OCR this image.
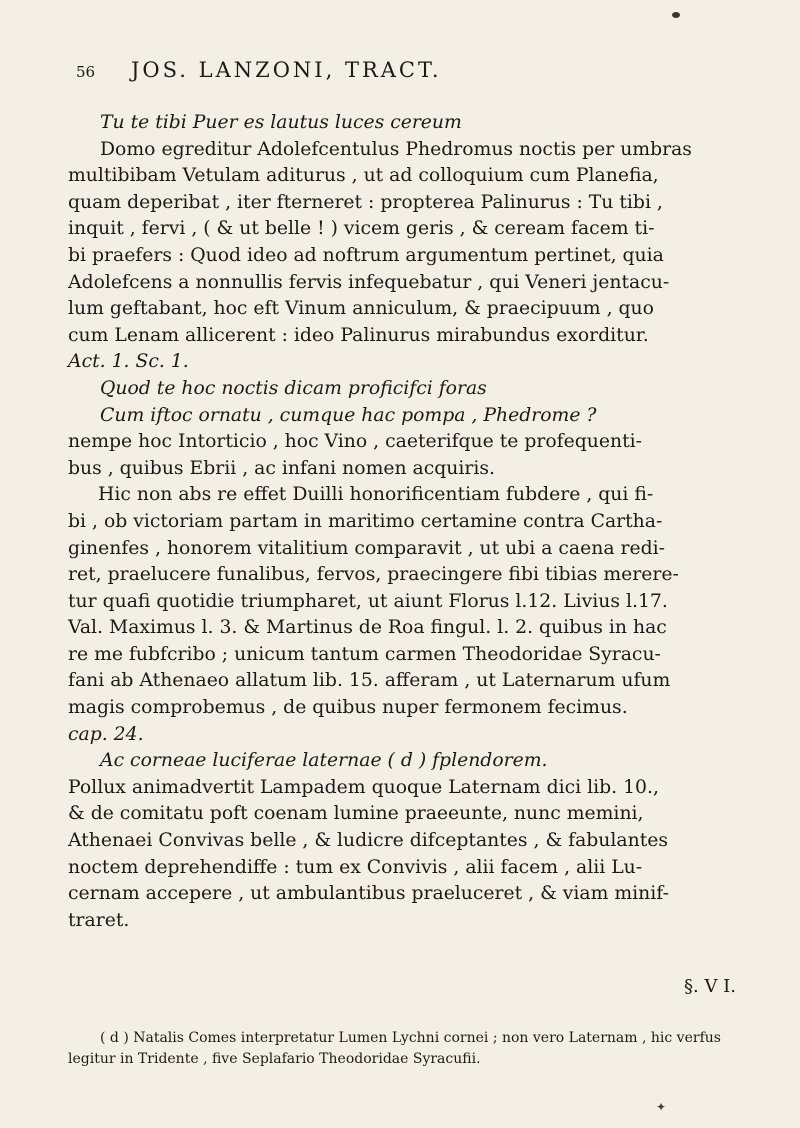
56	JOS. LANZONI, TRACT.
Tu te tibi Puer es lautus luces cereum
Domo egreditur Adolefcentulus Phedromus noctis per umbras
multibibam Vetulam aditurus , ut ad colloquium cum Planefia,
quam deperibat , iter fterneret : propterea Palinurus : Tu tibi ,
inquit , fervi , ( & ut belle ! ) vicem geris , & ceream facem ti-
bi praefers : Quod ideo ad noftrum argumentum pertinet, quia
Adolefcens a nonnullis fervis infequebatur , qui Veneri jentacu-
lum geftabant, hoc eft Vinum anniculum, & praecipuum , quo
cum Lenam allicerent : ideo Palinurus mirabundus exorditur.
Act. 1. Sc. 1.
Quod te hoc noctis dicam proficifci foras
Cum iftoc ornatu , cumque hac pompa , Phedrome ?
nempe hoc Intorticio , hoc Vino , caeterifque te profequenti-
bus , quibus Ebrii , ac infani nomen acquiris.
Hic non abs re effet Duilli honorificentiam fubdere , qui fi-
bi , ob victoriam partam in maritimo certamine contra Cartha-
ginenfes , honorem vitalitium comparavit , ut ubi a caena redi-
ret, praelucere funalibus, fervos, praecingere fibi tibias merere-
tur quafi quotidie triumpharet, ut aiunt Florus l.12. Livius l.17.
Val. Maximus l. 3. & Martinus de Roa fingul. l. 2. quibus in hac
re me fubfcribo ; unicum tantum carmen Theodoridae Syracu-
fani ab Athenaeo allatum lib. 15. afferam , ut Laternarum ufum
magis comprobemus , de quibus nuper fermonem fecimus.
cap. 24.
Ac corneae luciferae laternae ( d ) fplendorem.
Pollux animadvertit Lampadem quoque Laternam dici lib. 10.,
& de comitatu poft coenam lumine praeeunte, nunc memini,
Athenaei Convivas belle , & ludicre difceptantes , & fabulantes
noctem deprehendiffe : tum ex Convivis , alii facem , alii Lu-
cernam accepere , ut ambulantibus praeluceret , & viam minif-
traret.
§. V I.
( d ) Natalis Comes interpretatur Lumen Lychni cornei ; non vero Laternam , hic verfus
legitur in Tridente , five Seplafario Theodoridae Syracufii.
✦
